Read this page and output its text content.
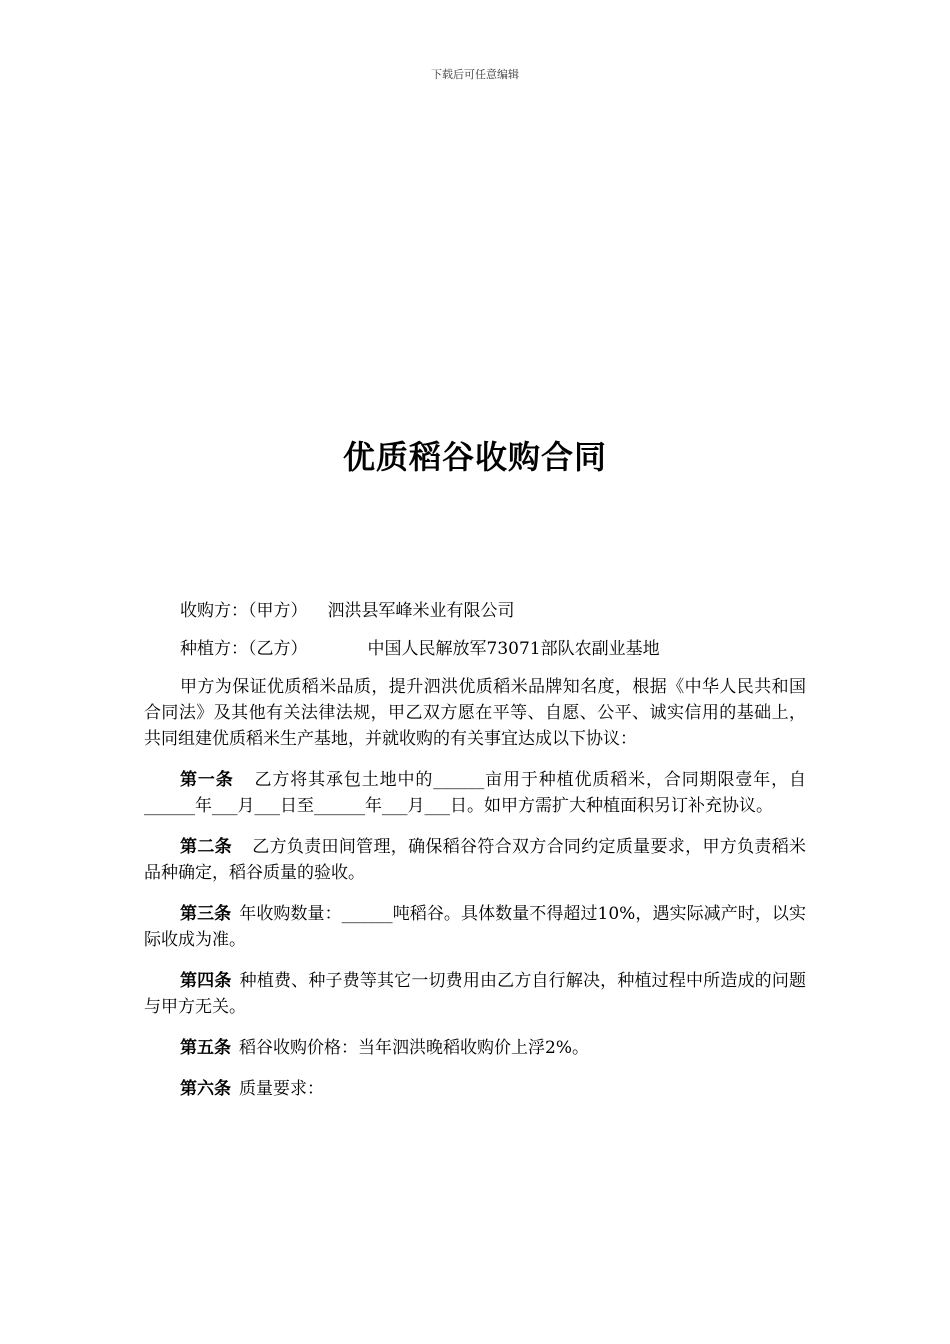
下载后可任意编辑
优质稻谷收购合同

收购方：（甲方） 泗洪县军峰米业有限公司

种植方：（乙方）	中国人民解放军73071部队农副业基地

甲方为保证优质稻米品质，提升泗洪优质稻米品牌知名度，根据《中华人民共和国合同法》及其他有关法律法规，甲乙双方愿在平等、自愿、公平、诚实信用的基础上，共同组建优质稻米生产基地，并就收购的有关事宜达成以下协议：

第一条 乙方将其承包土地中的______亩用于种植优质稻米，合同期限壹年，自______年___月___日至______年___月___日。如甲方需扩大种植面积另订补充协议。

第二条 乙方负责田间管理，确保稻谷符合双方合同约定质量要求，甲方负责稻米品种确定，稻谷质量的验收。

第三条 年收购数量：______吨稻谷。具体数量不得超过10%，遇实际减产时，以实际收成为准。

第四条 种植费、种子费等其它一切费用由乙方自行解决，种植过程中所造成的问题与甲方无关。

第五条 稻谷收购价格：当年泗洪晚稻收购价上浮2%。

第六条 质量要求：
